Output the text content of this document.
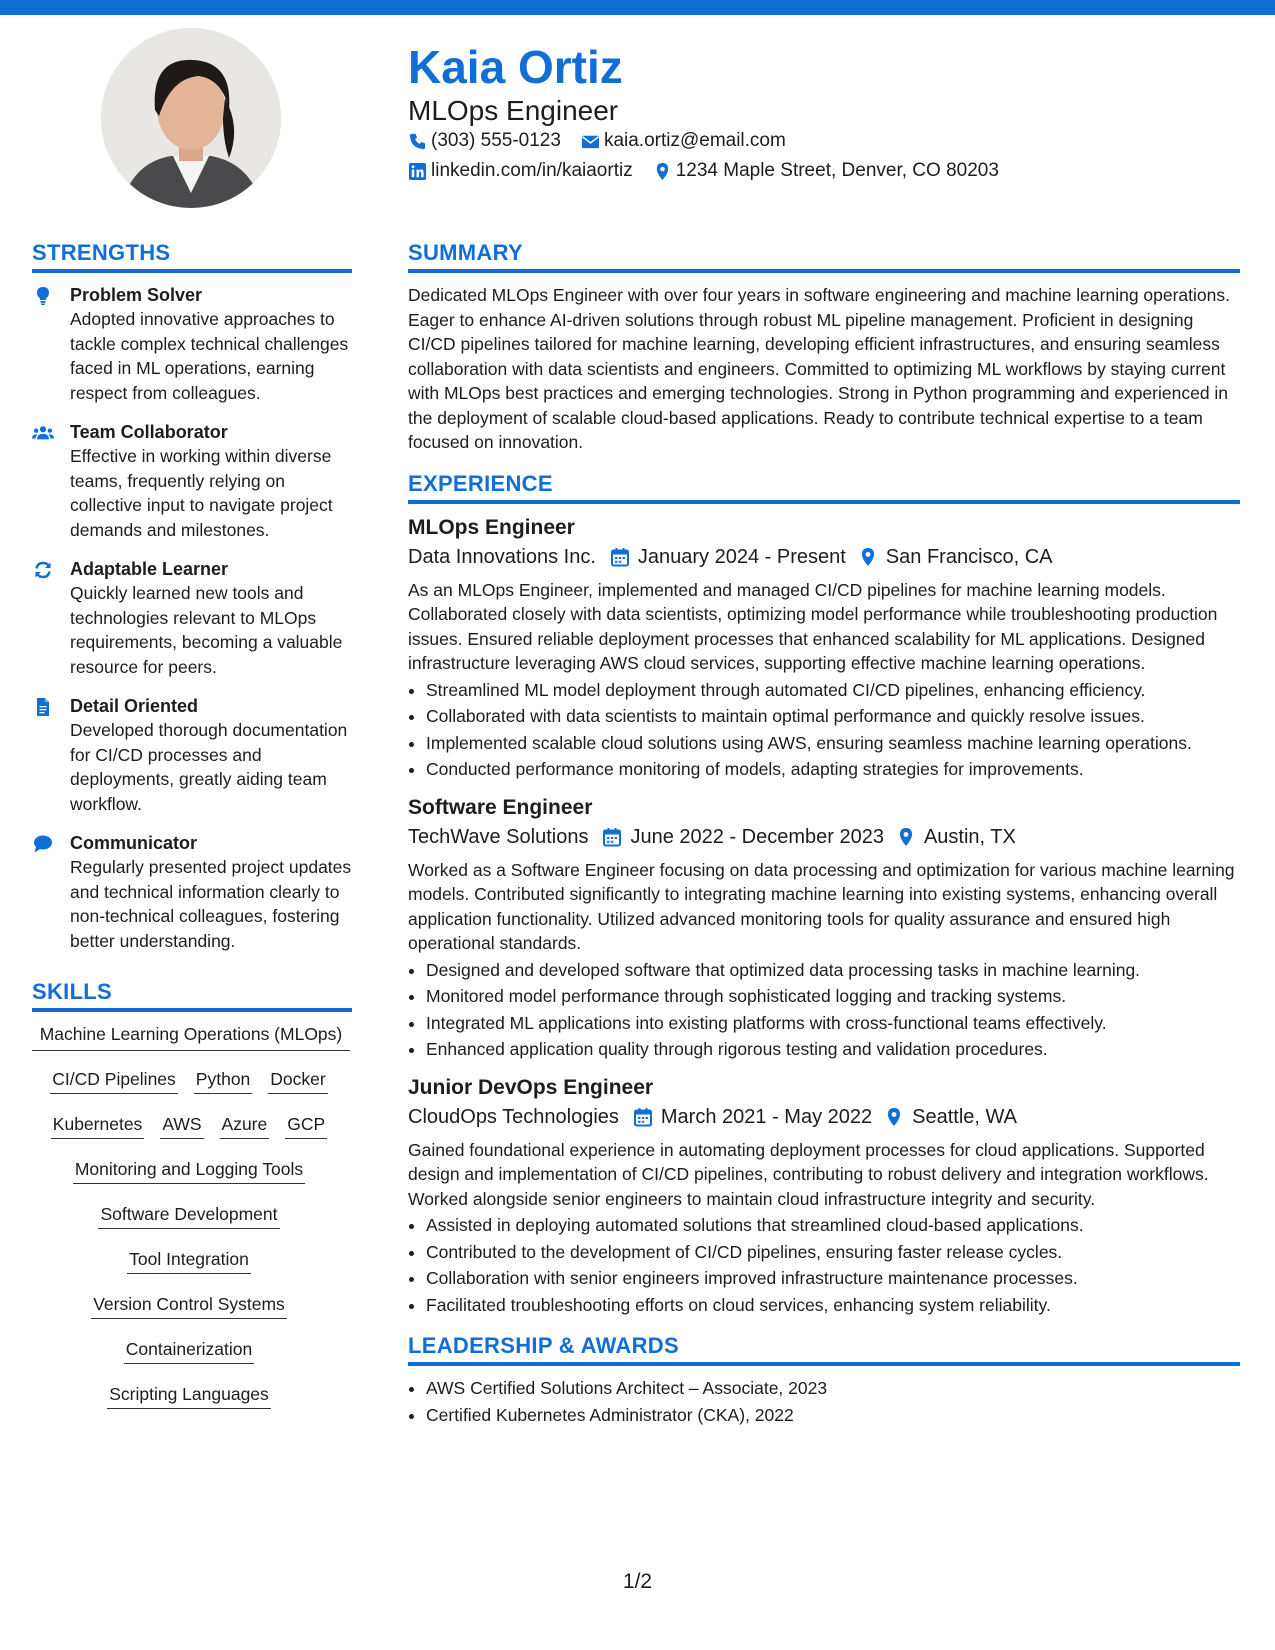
Kaia Ortiz
MLOps Engineer
(303) 555-0123 kaia.ortiz@email.com
linkedin.com/in/kaiaortiz 1234 Maple Street, Denver, CO 80203
STRENGTHS
Problem Solver
Adopted innovative approaches to tackle complex technical challenges faced in ML operations, earning respect from colleagues.
Team Collaborator
Effective in working within diverse teams, frequently relying on collective input to navigate project demands and milestones.
Adaptable Learner
Quickly learned new tools and technologies relevant to MLOps requirements, becoming a valuable resource for peers.
Detail Oriented
Developed thorough documentation for CI/CD processes and deployments, greatly aiding team workflow.
Communicator
Regularly presented project updates and technical information clearly to non-technical colleagues, fostering better understanding.
SKILLS
Machine Learning Operations (MLOps)
CI/CD Pipelines Python Docker
Kubernetes AWS Azure GCP
Monitoring and Logging Tools
Software Development
Tool Integration
Version Control Systems
Containerization
Scripting Languages
SUMMARY

Dedicated MLOps Engineer with over four years in software engineering and machine learning operations. Eager to enhance AI-driven solutions through robust ML pipeline management. Proficient in designing CI/CD pipelines tailored for machine learning, developing efficient infrastructures, and ensuring seamless collaboration with data scientists and engineers. Committed to optimizing ML workflows by staying current with MLOps best practices and emerging technologies. Strong in Python programming and experienced in the deployment of scalable cloud-based applications. Ready to contribute technical expertise to a team focused on innovation.

EXPERIENCE
MLOps Engineer
Data Innovations Inc. January 2024 - Present San Francisco, CA

As an MLOps Engineer, implemented and managed CI/CD pipelines for machine learning models. Collaborated closely with data scientists, optimizing model performance while troubleshooting production issues. Ensured reliable deployment processes that enhanced scalability for ML applications. Designed infrastructure leveraging AWS cloud services, supporting effective machine learning operations.

• Streamlined ML model deployment through automated CI/CD pipelines, enhancing efficiency.
• Collaborated with data scientists to maintain optimal performance and quickly resolve issues.
• Implemented scalable cloud solutions using AWS, ensuring seamless machine learning operations.
• Conducted performance monitoring of models, adapting strategies for improvements.
Software Engineer
TechWave Solutions June 2022 - December 2023 Austin, TX

Worked as a Software Engineer focusing on data processing and optimization for various machine learning models. Contributed significantly to integrating machine learning into existing systems, enhancing overall application functionality. Utilized advanced monitoring tools for quality assurance and ensured high operational standards.

• Designed and developed software that optimized data processing tasks in machine learning.
• Monitored model performance through sophisticated logging and tracking systems.
• Integrated ML applications into existing platforms with cross-functional teams effectively.
• Enhanced application quality through rigorous testing and validation procedures.
Junior DevOps Engineer
CloudOps Technologies March 2021 - May 2022 Seattle, WA

Gained foundational experience in automating deployment processes for cloud applications. Supported design and implementation of CI/CD pipelines, contributing to robust delivery and integration workflows. Worked alongside senior engineers to maintain cloud infrastructure integrity and security.

• Assisted in deploying automated solutions that streamlined cloud-based applications.
• Contributed to the development of CI/CD pipelines, ensuring faster release cycles.
• Collaboration with senior engineers improved infrastructure maintenance processes.
• Facilitated troubleshooting efforts on cloud services, enhancing system reliability.
LEADERSHIP & AWARDS
• AWS Certified Solutions Architect – Associate, 2023
• Certified Kubernetes Administrator (CKA), 2022
1/2
